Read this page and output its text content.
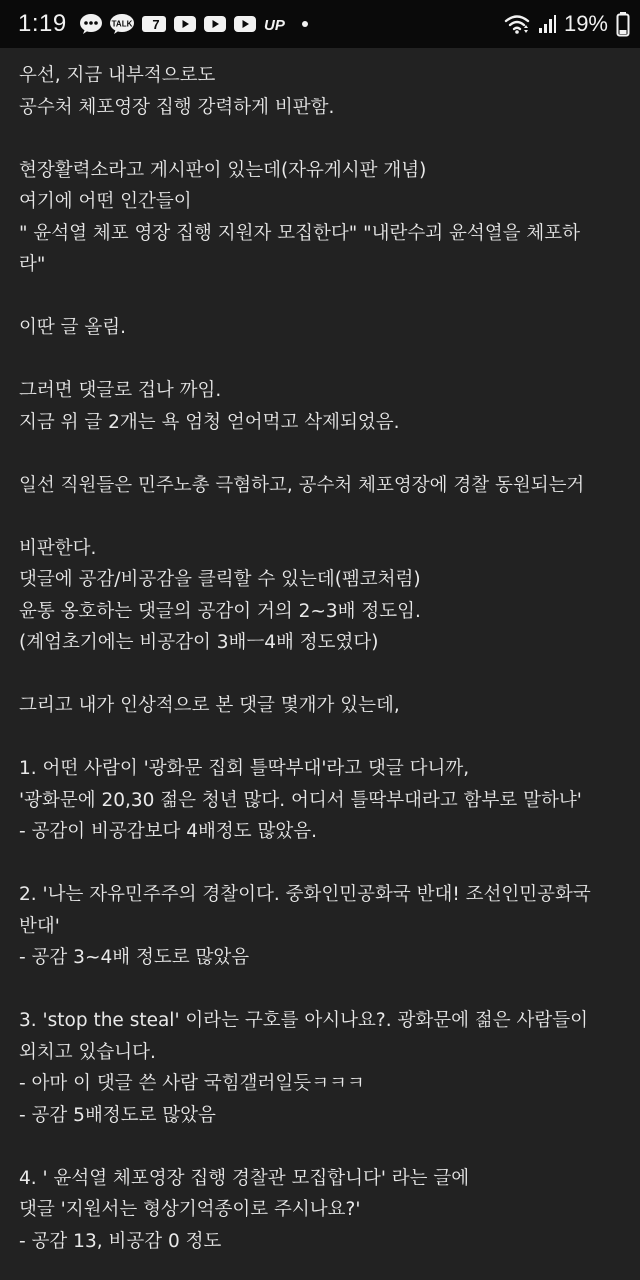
1:19	TALK 7	UP	19%
우선, 지금 내부적으로도
공수처 체포영장 집행 강력하게 비판함.
현장활력소라고 게시판이 있는데(자유게시판 개념)
여기에 어떤 인간들이
" 윤석열 체포 영장 집행 지원자 모집한다" "내란수괴 윤석열을 체포하
라"
이딴 글 올림.
그러면 댓글로 겁나 까임.
지금 위 글 2개는 욕 엄청 얻어먹고 삭제되었음.
일선 직원들은 민주노총 극혐하고, 공수처 체포영장에 경찰 동원되는거
비판한다.
댓글에 공감/비공감을 클릭할 수 있는데(펨코처럼)
윤통 옹호하는 댓글의 공감이 거의 2~3배 정도임.
(계엄초기에는 비공감이 3배ㅡ4배 정도였다)
그리고 내가 인상적으로 본 댓글 몇개가 있는데,
1. 어떤 사람이 '광화문 집회 틀딱부대'라고 댓글 다니까,
'광화문에 20,30 젊은 청년 많다. 어디서 틀딱부대라고 함부로 말하냐'
- 공감이 비공감보다 4배정도 많았음.
2. '나는 자유민주주의 경찰이다. 중화인민공화국 반대! 조선인민공화국
반대'
- 공감 3~4배 정도로 많았음
3. 'stop the steal' 이라는 구호를 아시나요?. 광화문에 젊은 사람들이
외치고 있습니다.
- 아마 이 댓글 쓴 사람 국힘갤러일듯ㅋㅋㅋ
- 공감 5배정도로 많았음
4. ' 윤석열 체포영장 집행 경찰관 모집합니다' 라는 글에
댓글 '지원서는 형상기억종이로 주시나요?'
- 공감 13, 비공감 0 정도
